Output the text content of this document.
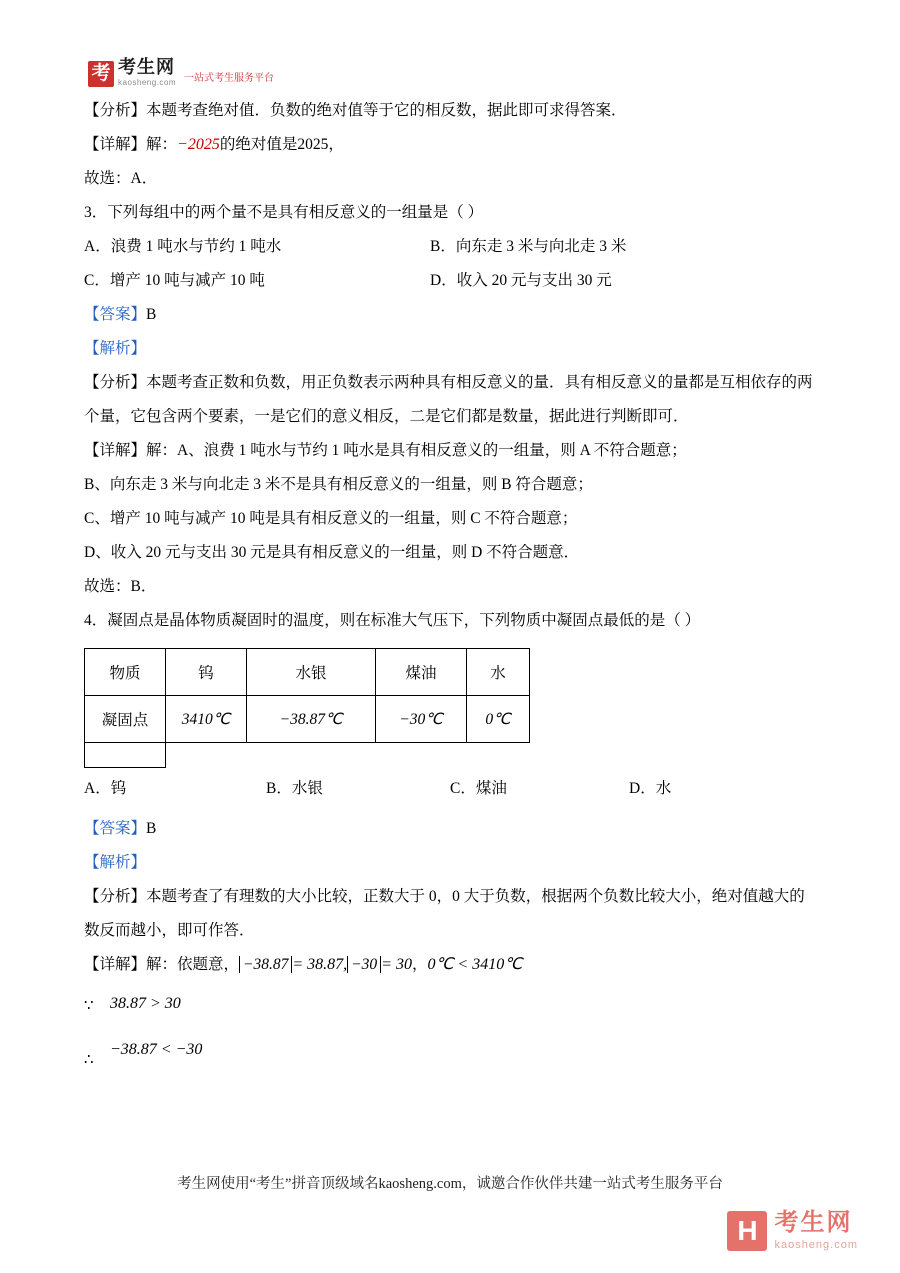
考 考生网
kaosheng.com 一站式考生服务平台
【分析】本题考查绝对值．负数的绝对值等于它的相反数，据此即可求得答案．
【详解】解：−2025的绝对值是2025，
故选：A．
3．下列每组中的两个量不是具有相反意义的一组量是（ ）
A．浪费 1 吨水与节约 1 吨水	B．向东走 3 米与向北走 3 米
C．增产 10 吨与减产 10 吨	D．收入 20 元与支出 30 元
【答案】B
【解析】
【分析】本题考查正数和负数，用正负数表示两种具有相反意义的量．具有相反意义的量都是互相依存的两个量，它包含两个要素，一是它们的意义相反，二是它们都是数量，据此进行判断即可．
【详解】解：A、浪费 1 吨水与节约 1 吨水是具有相反意义的一组量，则 A 不符合题意；
B、向东走 3 米与向北走 3 米不是具有相反意义的一组量，则 B 符合题意；
C、增产 10 吨与减产 10 吨是具有相反意义的一组量，则 C 不符合题意；
D、收入 20 元与支出 30 元是具有相反意义的一组量，则 D 不符合题意．
故选：B．
4．凝固点是晶体物质凝固时的温度，则在标准大气压下，下列物质中凝固点最低的是（ ）
物质	钨	水银	煤油	水
凝固点	3410℃	−38.87℃	−30℃	0℃

A．钨	B．水银	C．煤油	D．水
【答案】B
【解析】
【分析】本题考查了有理数的大小比较，正数大于 0，0 大于负数，根据两个负数比较大小，绝对值越大的
数反而越小，即可作答．
【详解】解：依题意， −38.87 = 38.87, −30 = 30，0℃ < 3410℃
∵ 38.87 > 30
∴
−38.87 < −30
考生网使用“考生”拼音顶级域名kaosheng.com，诚邀合作伙伴共建一站式考生服务平台
H 考生网
kaosheng.com
